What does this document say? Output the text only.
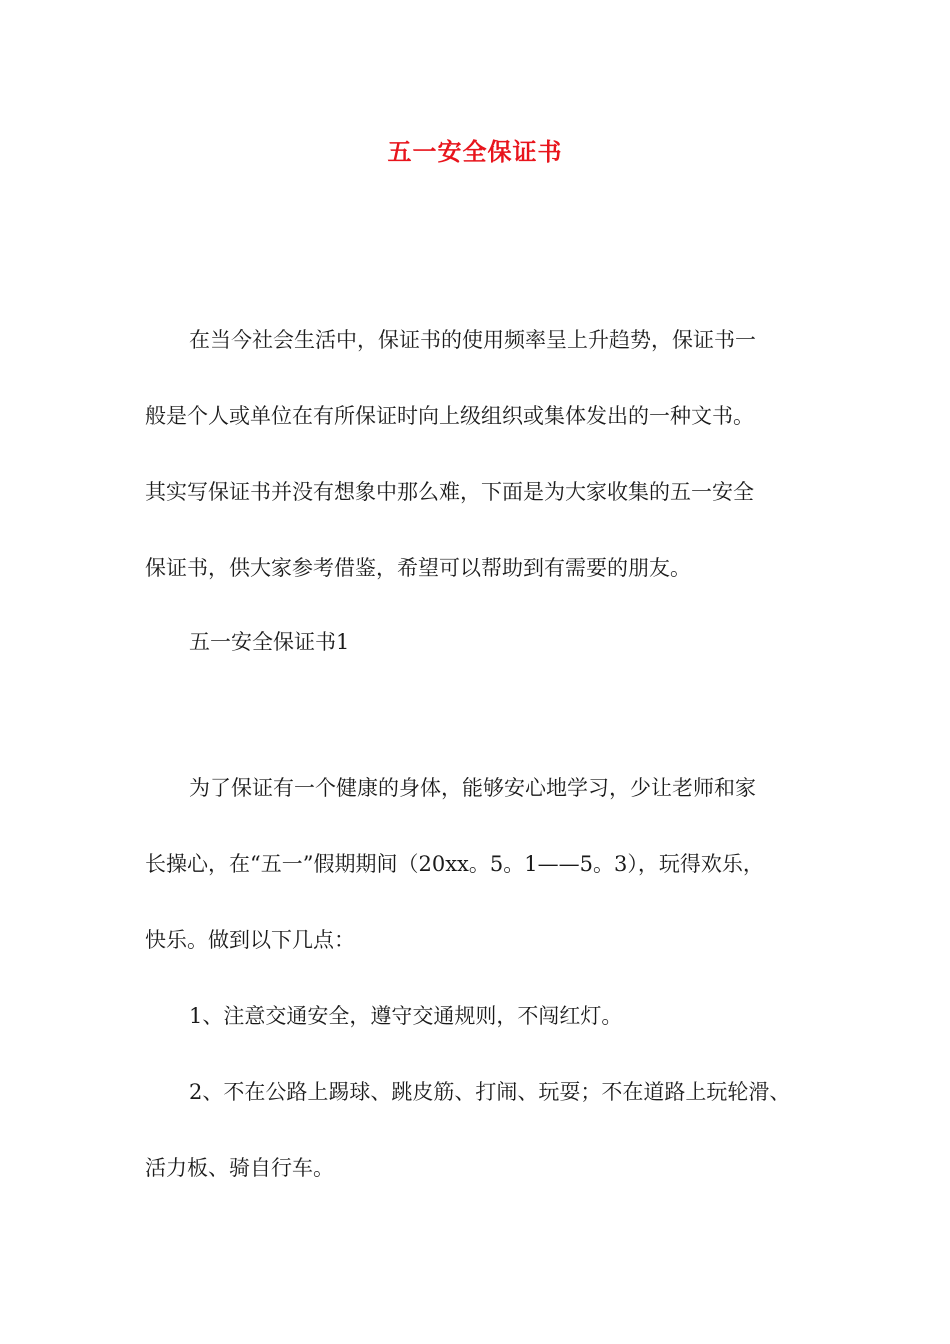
五一安全保证书
在当今社会生活中，保证书的使用频率呈上升趋势，保证书一
般是个人或单位在有所保证时向上级组织或集体发出的一种文书。
其实写保证书并没有想象中那么难，下面是为大家收集的五一安全
保证书，供大家参考借鉴，希望可以帮助到有需要的朋友。
五一安全保证书1
为了保证有一个健康的身体，能够安心地学习，少让老师和家
长操心，在“五一”假期期间（20xx。5。1——5。3），玩得欢乐，
快乐。做到以下几点：
1、注意交通安全，遵守交通规则，不闯红灯。
2、不在公路上踢球、跳皮筋、打闹、玩耍；不在道路上玩轮滑、
活力板、骑自行车。
